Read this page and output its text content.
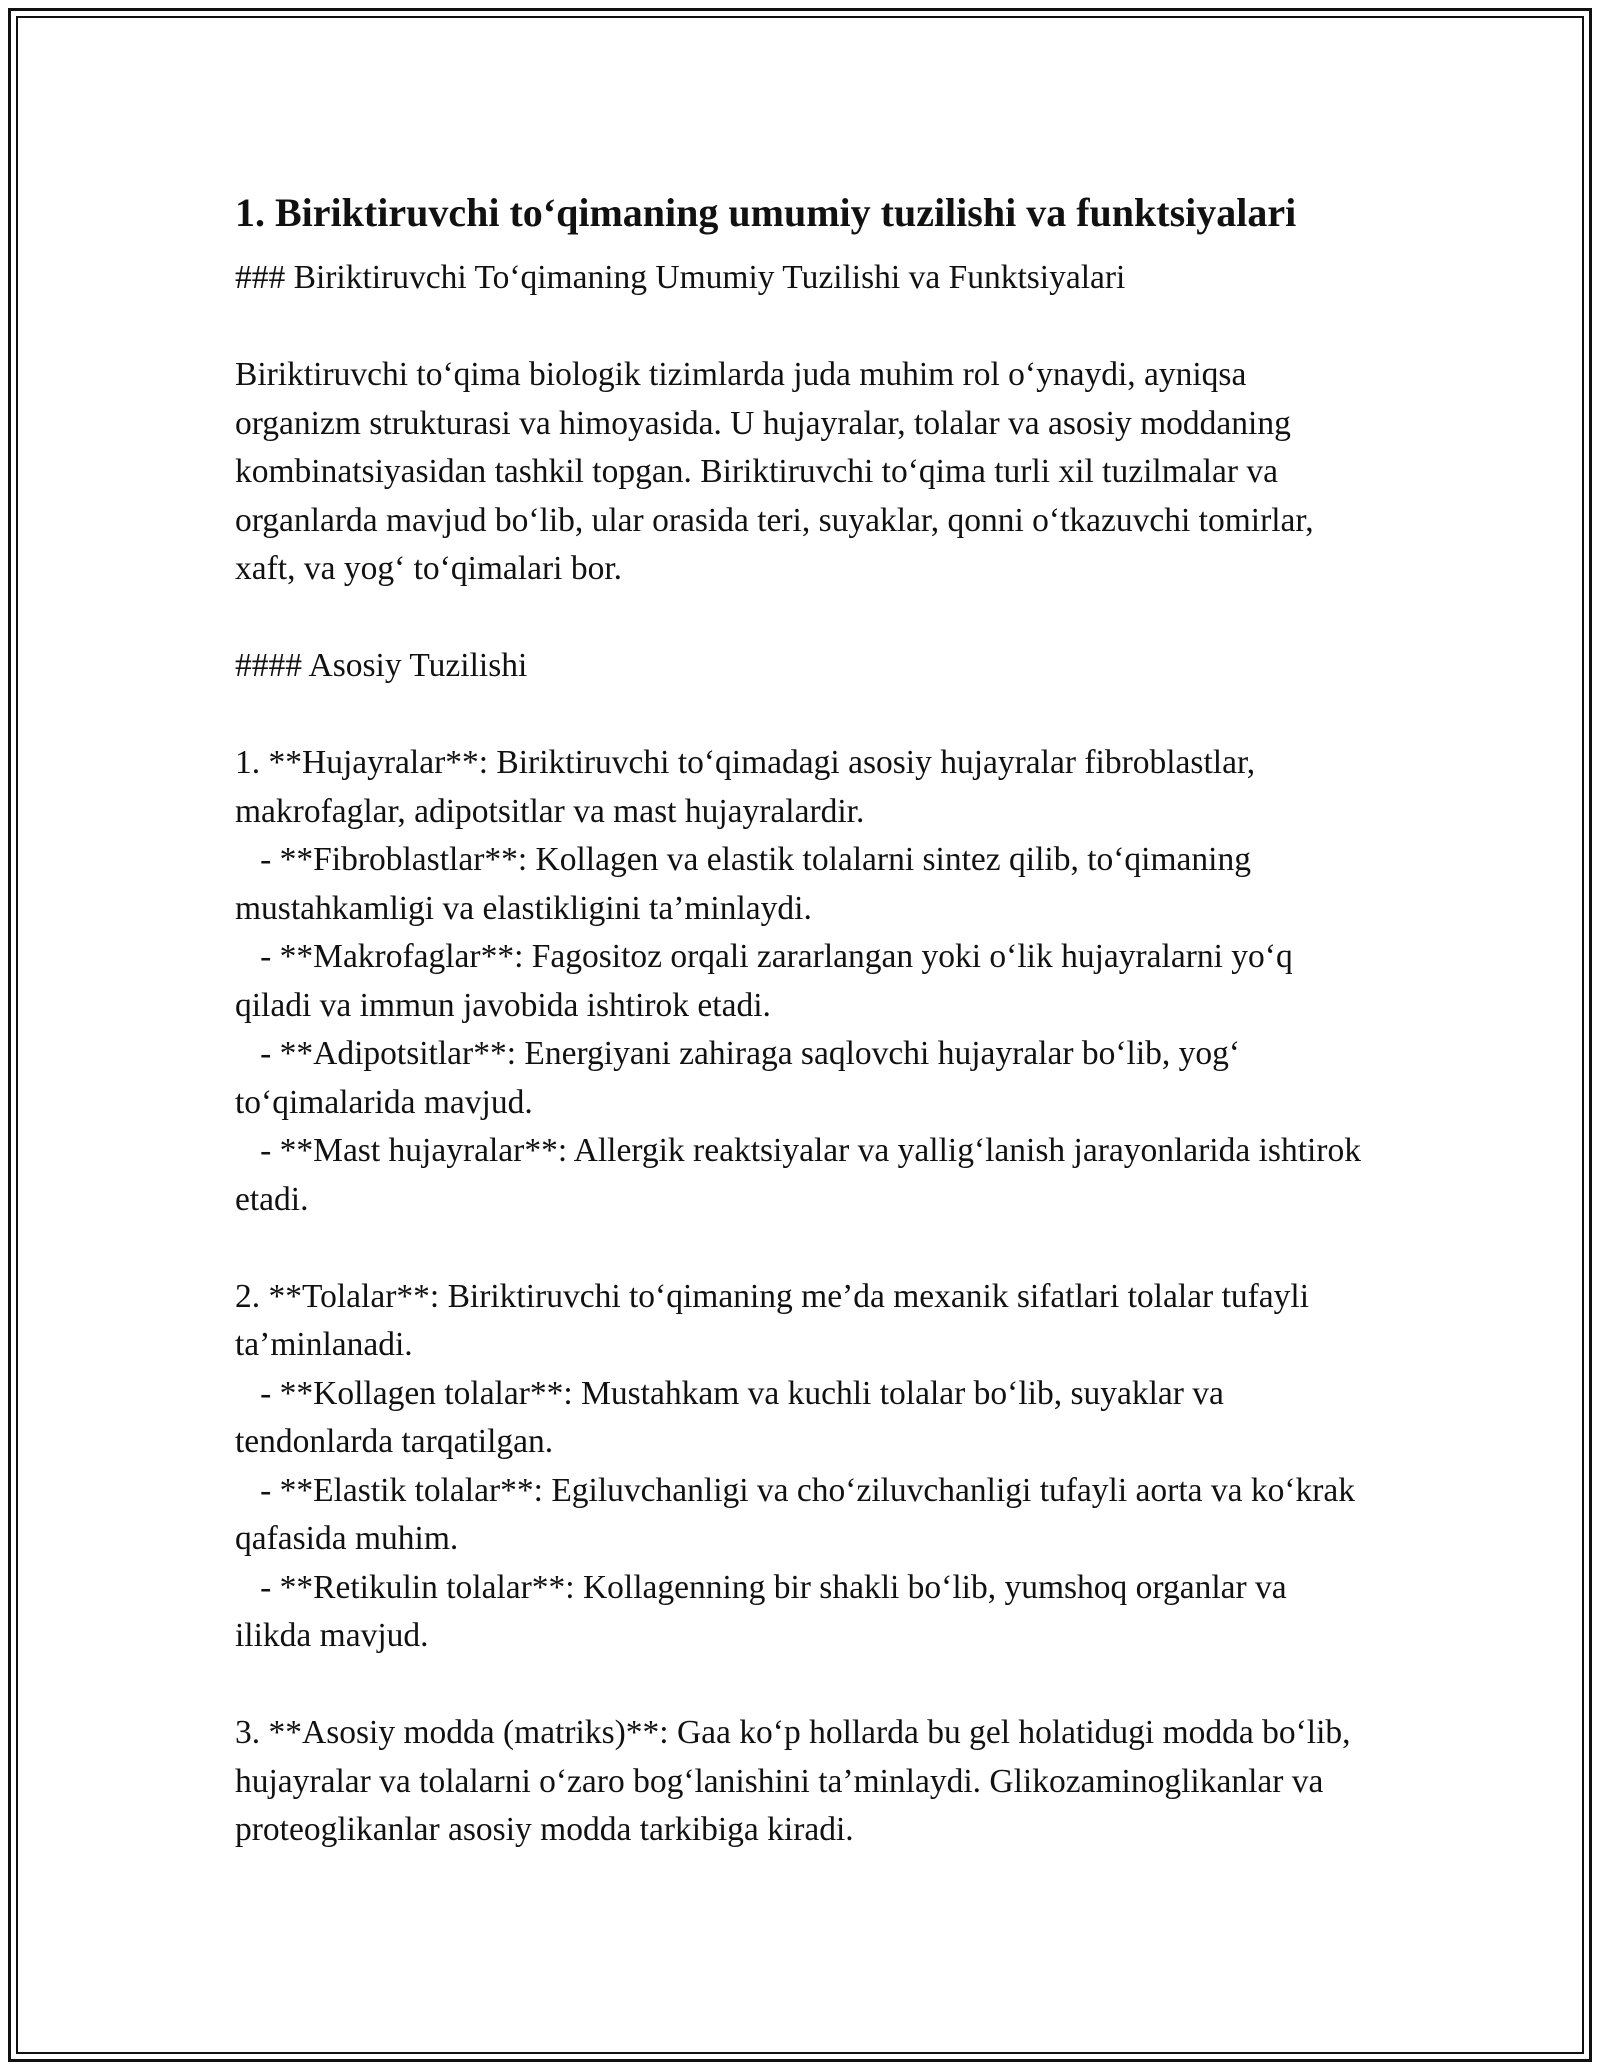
1. Biriktiruvchi to‘qimaning umumiy tuzilishi va funktsiyalari

### Biriktiruvchi To‘qimaning Umumiy Tuzilishi va Funktsiyalari

Biriktiruvchi to‘qima biologik tizimlarda juda muhim rol o‘ynaydi, ayniqsa organizm strukturasi va himoyasida. U hujayralar, tolalar va asosiy moddaning kombinatsiyasidan tashkil topgan. Biriktiruvchi to‘qima turli xil tuzilmalar va organlarda mavjud bo‘lib, ular orasida teri, suyaklar, qonni o‘tkazuvchi tomirlar, xaft, va yog‘ to‘qimalari bor.

#### Asosiy Tuzilishi

1. **Hujayralar**: Biriktiruvchi to‘qimadagi asosiy hujayralar fibroblastlar, makrofaglar, adipotsitlar va mast hujayralardir.

- **Fibroblastlar**: Kollagen va elastik tolalarni sintez qilib, to‘qimaning mustahkamligi va elastikligini ta’minlaydi.

- **Makrofaglar**: Fagositoz orqali zararlangan yoki o‘lik hujayralarni yo‘q qiladi va immun javobida ishtirok etadi.

- **Adipotsitlar**: Energiyani zahiraga saqlovchi hujayralar bo‘lib, yog‘ to‘qimalarida mavjud.

- **Mast hujayralar**: Allergik reaktsiyalar va yallig‘lanish jarayonlarida ishtirok etadi.

2. **Tolalar**: Biriktiruvchi to‘qimaning me’da mexanik sifatlari tolalar tufayli ta’minlanadi.

- **Kollagen tolalar**: Mustahkam va kuchli tolalar bo‘lib, suyaklar va tendonlarda tarqatilgan.

- **Elastik tolalar**: Egiluvchanligi va cho‘ziluvchanligi tufayli aorta va ko‘krak qafasida muhim.

- **Retikulin tolalar**: Kollagenning bir shakli bo‘lib, yumshoq organlar va ilikda mavjud.

3. **Asosiy modda (matriks)**: Gaa ko‘p hollarda bu gel holatidugi modda bo‘lib, hujayralar va tolalarni o‘zaro bog‘lanishini ta’minlaydi. Glikozaminoglikanlar va proteoglikanlar asosiy modda tarkibiga kiradi.
